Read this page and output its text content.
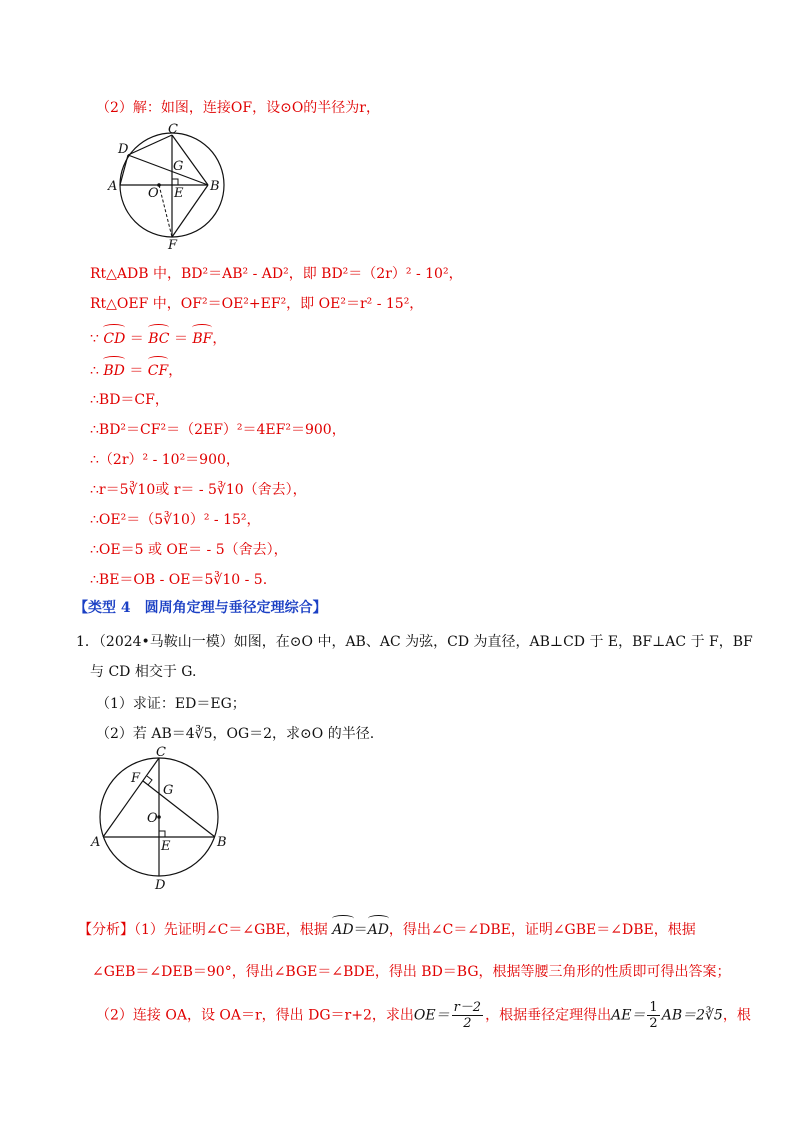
（2）解：如图，连接OF，设⊙O的半径为r，
C
D
G
A O E B
F
Rt△ADB 中，BD²＝AB² - AD²，即 BD²＝（2r）² - 10²，
Rt△OEF 中，OF²＝OE²+EF²，即 OE²＝r² - 15²，
∵ CD ＝ BC ＝ BF，
∴ BD ＝ CF，
∴BD＝CF，
∴BD²＝CF²＝（2EF）²＝4EF²＝900，
∴（2r）² - 10²＝900，
∴r＝5∛10或 r＝ - 5∛10（舍去），
∴OE²＝（5∛10）² - 15²，
∴OE＝5 或 OE＝ - 5（舍去），
∴BE＝OB - OE＝5∛10 - 5.
【类型 4　圆周角定理与垂径定理综合】
1．（2024•马鞍山一模）如图，在⊙O 中，AB、AC 为弦，CD 为直径，AB⊥CD 于 E，BF⊥AC 于 F，BF
与 CD 相交于 G.
（1）求证：ED＝EG；
（2）若 AB＝4∛5，OG＝2，求⊙O 的半径.
C
F
G
O
A	B
E
D
【分析】（1）先证明∠C＝∠GBE，根据 AD＝AD，得出∠C＝∠DBE，证明∠GBE＝∠DBE，根据
∠GEB＝∠DEB＝90°，得出∠BGE＝∠BDE，得出 BD＝BG，根据等腰三角形的性质即可得出答案；
（2）连接 OA，设 OA＝r，得出 DG＝r+2，求出$OE= \frac{r-2}{2}$ ，根据垂径定理得出$AE= \frac{1}{2}$ AB＝2∛5，根
